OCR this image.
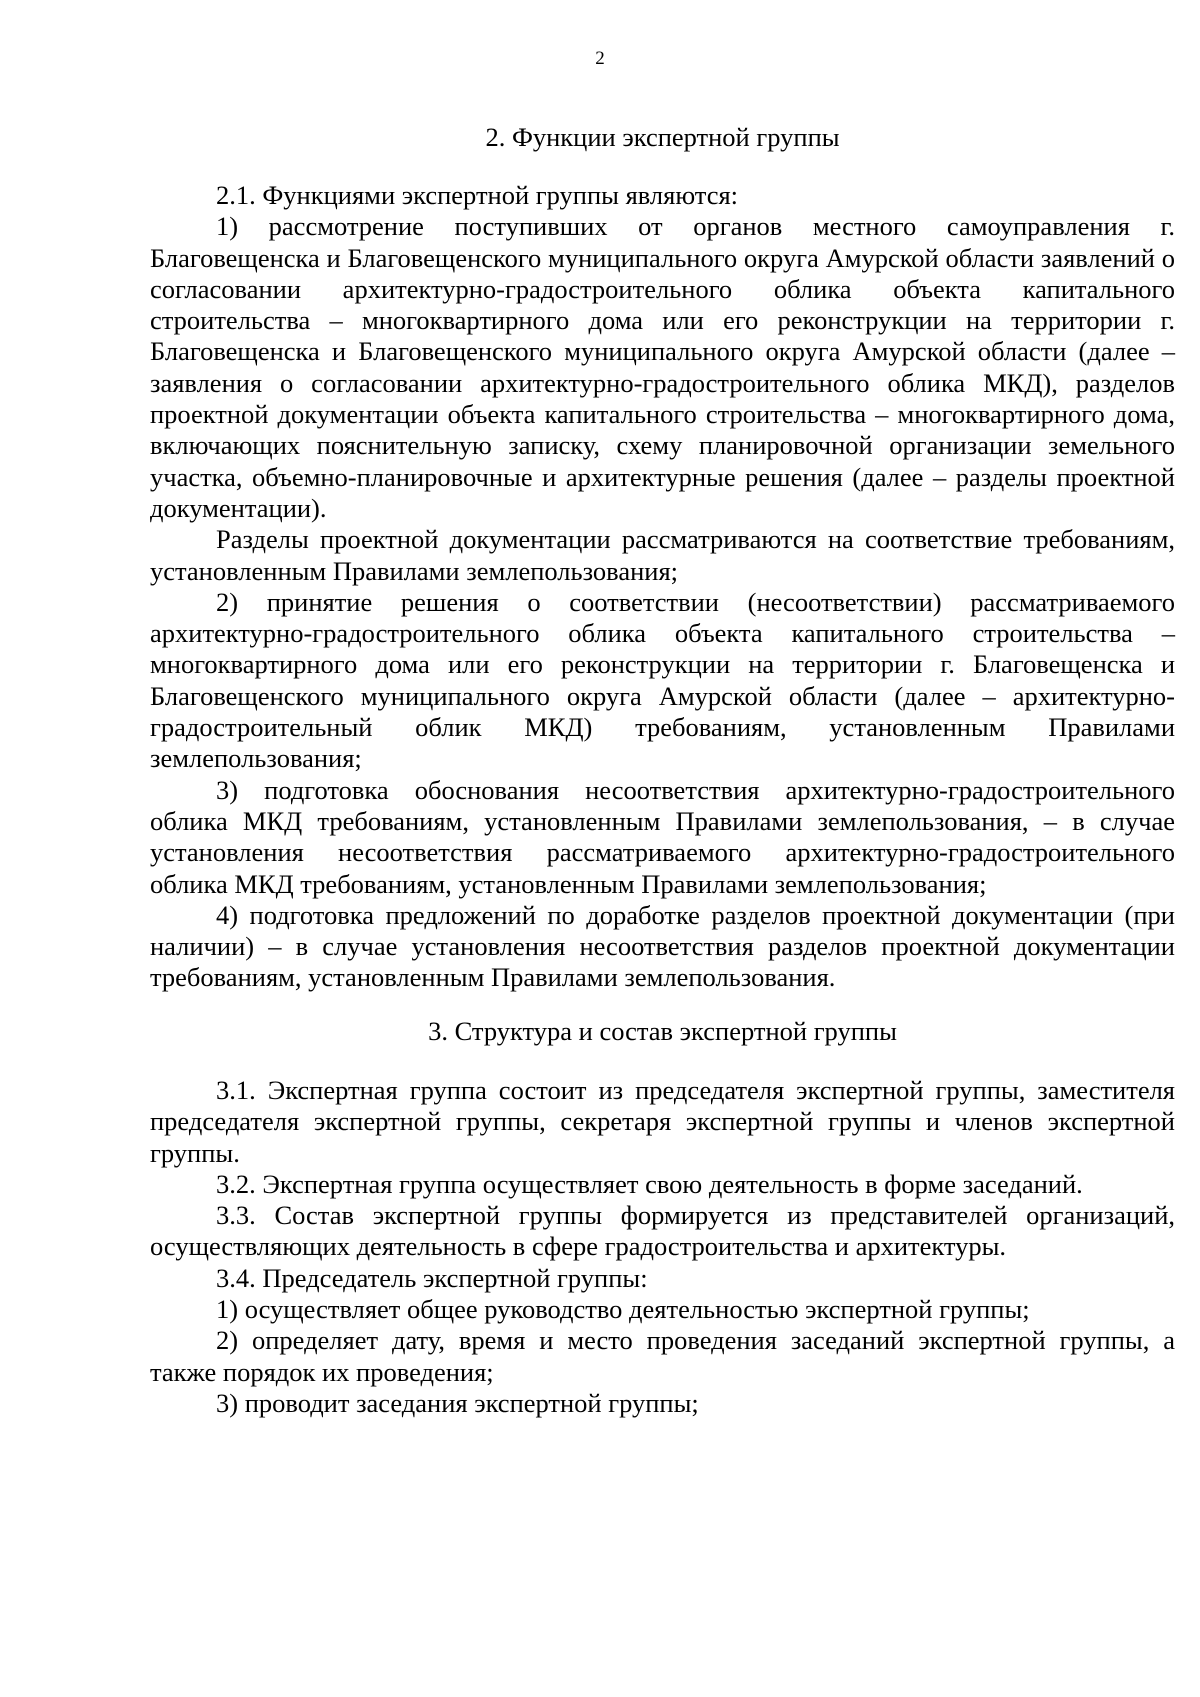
2
2. Функции экспертной группы

2.1. Функциями экспертной группы являются:

1) рассмотрение поступивших от органов местного самоуправления г. Благовещенска и Благовещенского муниципального округа Амурской области заявлений о согласовании архитектурно-градостроительного облика объекта капитального строительства – многоквартирного дома или его реконструкции на территории г. Благовещенска и Благовещенского муниципального округа Амурской области (далее – заявления о согласовании архитектурно-градостроительного облика МКД), разделов проектной документации объекта капитального строительства – многоквартирного дома, включающих пояснительную записку, схему планировочной организации земельного участка, объемно-планировочные и архитектурные решения (далее – разделы проектной документации).

Разделы проектной документации рассматриваются на соответствие требованиям, установленным Правилами землепользования;

2) принятие решения о соответствии (несоответствии) рассматриваемого архитектурно-градостроительного облика объекта капитального строительства – многоквартирного дома или его реконструкции на территории г. Благовещенска и Благовещенского муниципального округа Амурской области (далее – архитектурно-градостроительный облик МКД) требованиям, установленным Правилами землепользования;

3) подготовка обоснования несоответствия архитектурно-градостроительного облика МКД требованиям, установленным Правилами землепользования, – в случае установления несоответствия рассматриваемого архитектурно-градостроительного облика МКД требованиям, установленным Правилами землепользования;

4) подготовка предложений по доработке разделов проектной документации (при наличии) – в случае установления несоответствия разделов проектной документации требованиям, установленным Правилами землепользования.

3. Структура и состав экспертной группы

3.1. Экспертная группа состоит из председателя экспертной группы, заместителя председателя экспертной группы, секретаря экспертной группы и членов экспертной группы.

3.2. Экспертная группа осуществляет свою деятельность в форме заседаний.

3.3. Состав экспертной группы формируется из представителей организаций, осуществляющих деятельность в сфере градостроительства и архитектуры.

3.4. Председатель экспертной группы:

1) осуществляет общее руководство деятельностью экспертной группы;

2) определяет дату, время и место проведения заседаний экспертной группы, а также порядок их проведения;

3) проводит заседания экспертной группы;
